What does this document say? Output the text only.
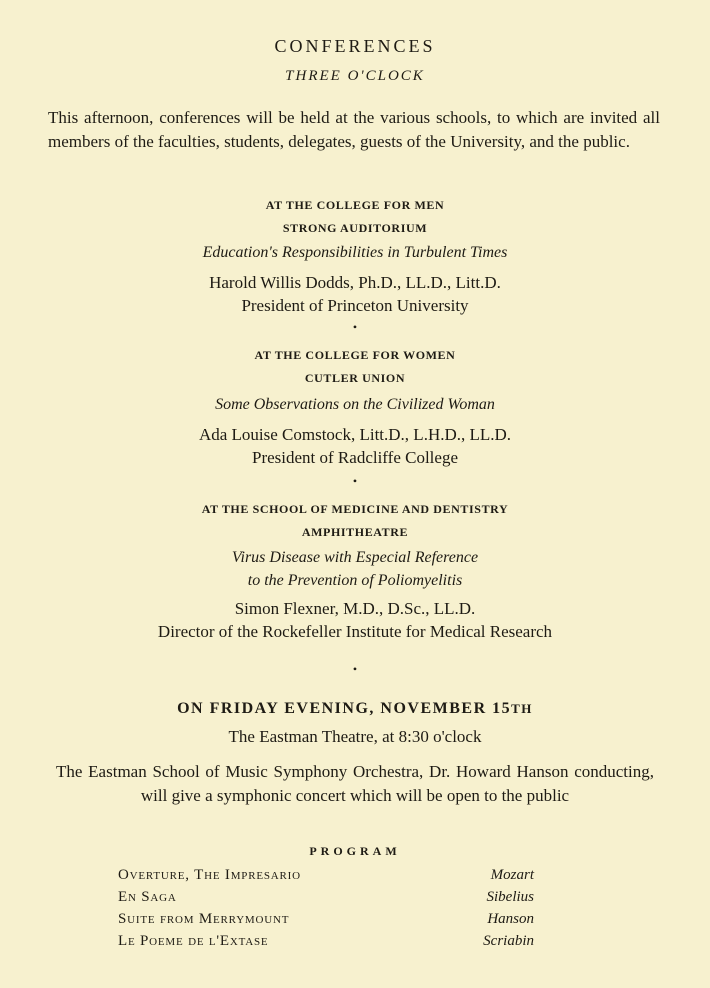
CONFERENCES
THREE O'CLOCK
This afternoon, conferences will be held at the various schools, to which are invited all members of the faculties, students, delegates, guests of the University, and the public.
AT THE COLLEGE FOR MEN
STRONG AUDITORIUM
Education's Responsibilities in Turbulent Times
Harold Willis Dodds, Ph.D., LL.D., Litt.D.
President of Princeton University
•
AT THE COLLEGE FOR WOMEN
CUTLER UNION
Some Observations on the Civilized Woman
Ada Louise Comstock, Litt.D., L.H.D., LL.D.
President of Radcliffe College
•
AT THE SCHOOL OF MEDICINE AND DENTISTRY
AMPHITHEATRE
Virus Disease with Especial Reference
to the Prevention of Poliomyelitis
Simon Flexner, M.D., D.Sc., LL.D.
Director of the Rockefeller Institute for Medical Research
•
ON FRIDAY EVENING, NOVEMBER 15TH
The Eastman Theatre, at 8:30 o'clock
The Eastman School of Music Symphony Orchestra, Dr. Howard Hanson conducting, will give a symphonic concert which will be open to the public
PROGRAM
Overture, The Impresario	Mozart
En Saga	Sibelius
Suite from Merrymount	Hanson
Le Poeme de l'Extase	Scriabin
